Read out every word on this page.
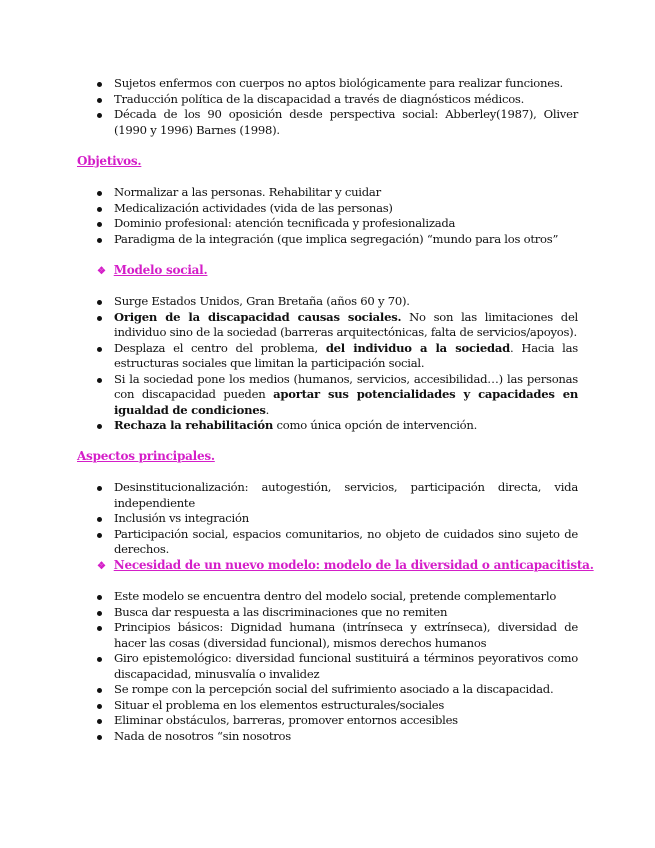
Sujetos enfermos con cuerpos no aptos biológicamente para realizar funciones.
Traducción política de la discapacidad a través de diagnósticos médicos.
Década de los 90 oposición desde perspectiva social: Abberley(1987), Oliver (1990 y 1996) Barnes (1998).
Objetivos.
Normalizar a las personas. Rehabilitar y cuidar
Medicalización actividades (vida de las personas)
Dominio profesional: atención tecnificada y profesionalizada
Paradigma de la integración (que implica segregación) “mundo para los otros”
❖ Modelo social.
Surge Estados Unidos, Gran Bretaña (años 60 y 70).
Origen de la discapacidad causas sociales. No son las limitaciones del individuo sino de la sociedad (barreras arquitectónicas, falta de servicios/apoyos).
Desplaza el centro del problema, del individuo a la sociedad. Hacia las estructuras sociales que limitan la participación social.
Si la sociedad pone los medios (humanos, servicios, accesibilidad…) las personas con discapacidad pueden aportar sus potencialidades y capacidades en igualdad de condiciones.
Rechaza la rehabilitación como única opción de intervención.
Aspectos principales.
Desinstitucionalización: autogestión, servicios, participación directa, vida independiente
Inclusión vs integración
Participación social, espacios comunitarios, no objeto de cuidados sino sujeto de derechos.
❖ Necesidad de un nuevo modelo: modelo de la diversidad o anticapacitista.
Este modelo se encuentra dentro del modelo social, pretende complementarlo
Busca dar respuesta a las discriminaciones que no remiten
Principios básicos: Dignidad humana (intrínseca y extrínseca), diversidad de hacer las cosas (diversidad funcional), mismos derechos humanos
Giro epistemológico: diversidad funcional sustituirá a términos peyorativos como discapacidad, minusvalía o invalidez
Se rompe con la percepción social del sufrimiento asociado a la discapacidad.
Situar el problema en los elementos estructurales/sociales
Eliminar obstáculos, barreras, promover entornos accesibles
Nada de nosotros “sin nosotros
